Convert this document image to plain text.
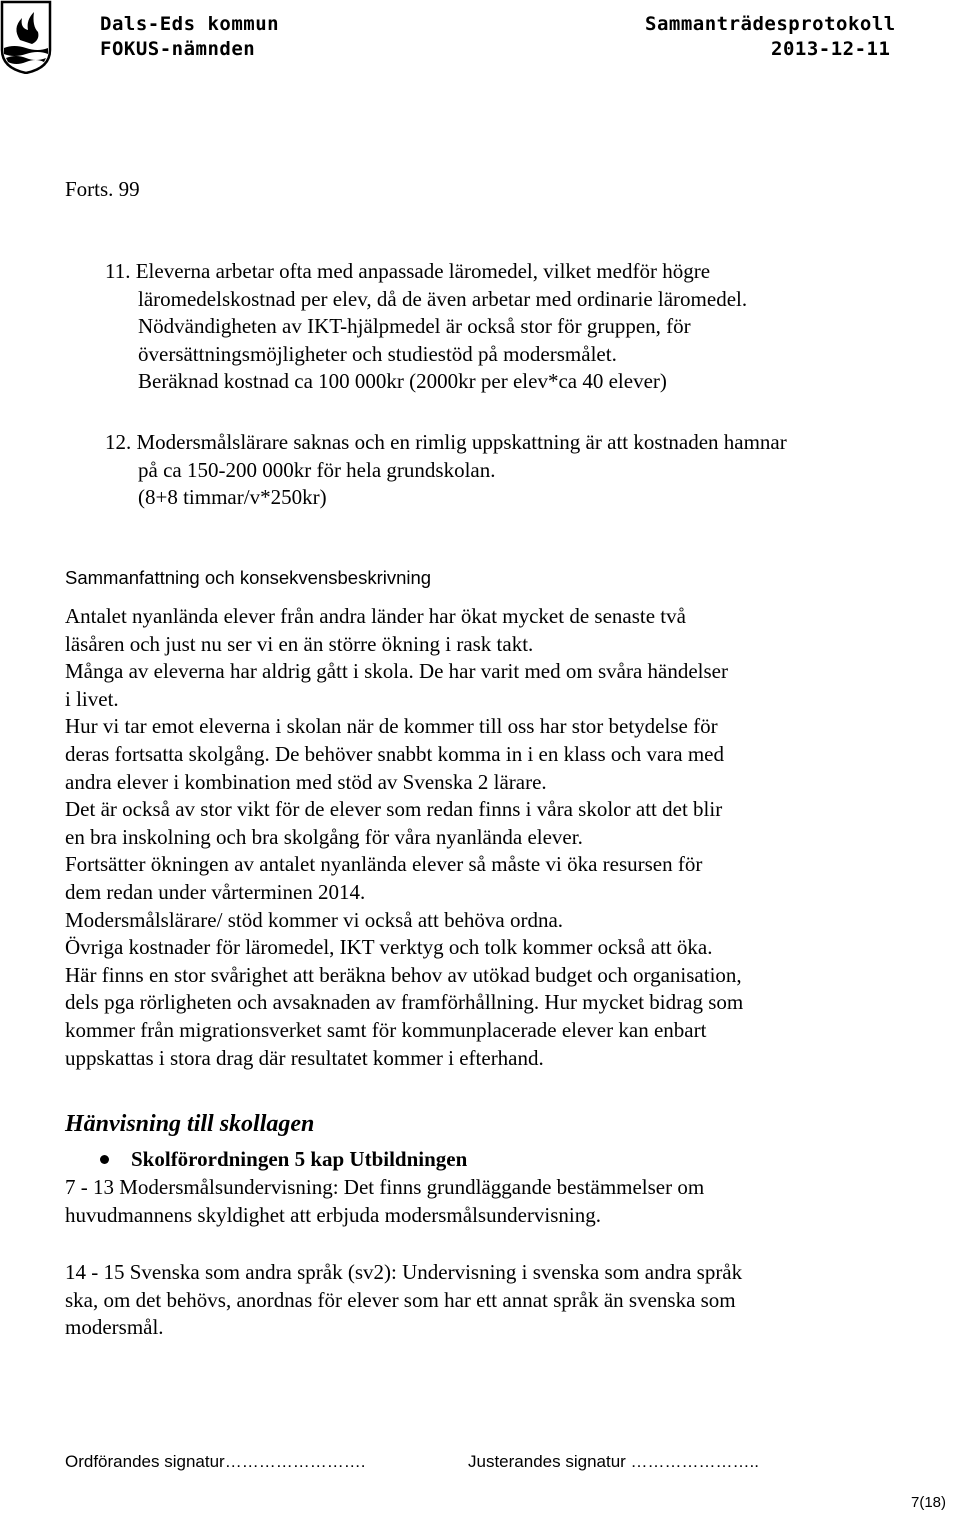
Dals-Eds kommun	Sammanträdesprotokoll
FOKUS-nämnden	2013-12-11
Forts. 99
11. Eleverna arbetar ofta med anpassade läromedel, vilket medför högre
läromedelskostnad per elev, då de även arbetar med ordinarie läromedel.
Nödvändigheten av IKT-hjälpmedel är också stor för gruppen, för
översättningsmöjligheter och studiestöd på modersmålet.
Beräknad kostnad ca 100 000kr (2000kr per elev*ca 40 elever)
12. Modersmålslärare saknas och en rimlig uppskattning är att kostnaden hamnar
på ca 150-200 000kr för hela grundskolan.
(8+8 timmar/v*250kr)
Sammanfattning och konsekvensbeskrivning
Antalet nyanlända elever från andra länder har ökat mycket de senaste två
läsåren och just nu ser vi en än större ökning i rask takt.
Många av eleverna har aldrig gått i skola. De har varit med om svåra händelser
i livet.
Hur vi tar emot eleverna i skolan när de kommer till oss har stor betydelse för
deras fortsatta skolgång. De behöver snabbt komma in i en klass och vara med
andra elever i kombination med stöd av Svenska 2 lärare.
Det är också av stor vikt för de elever som redan finns i våra skolor att det blir
en bra inskolning och bra skolgång för våra nyanlända elever.
Fortsätter ökningen av antalet nyanlända elever så måste vi öka resursen för
dem redan under vårterminen 2014.
Modersmålslärare/ stöd kommer vi också att behöva ordna.
Övriga kostnader för läromedel, IKT verktyg och tolk kommer också att öka.
Här finns en stor svårighet att beräkna behov av utökad budget och organisation,
dels pga rörligheten och avsaknaden av framförhållning. Hur mycket bidrag som
kommer från migrationsverket samt för kommunplacerade elever kan enbart
uppskattas i stora drag där resultatet kommer i efterhand.
Hänvisning till skollagen
Skolförordningen 5 kap Utbildningen
7 - 13 Modersmålsundervisning: Det finns grundläggande bestämmelser om
huvudmannens skyldighet att erbjuda modersmålsundervisning.
14 - 15 Svenska som andra språk (sv2): Undervisning i svenska som andra språk
ska, om det behövs, anordnas för elever som har ett annat språk än svenska som
modersmål.
Ordförandes signatur…………………….	Justerandes signatur …………………..
7(18)
